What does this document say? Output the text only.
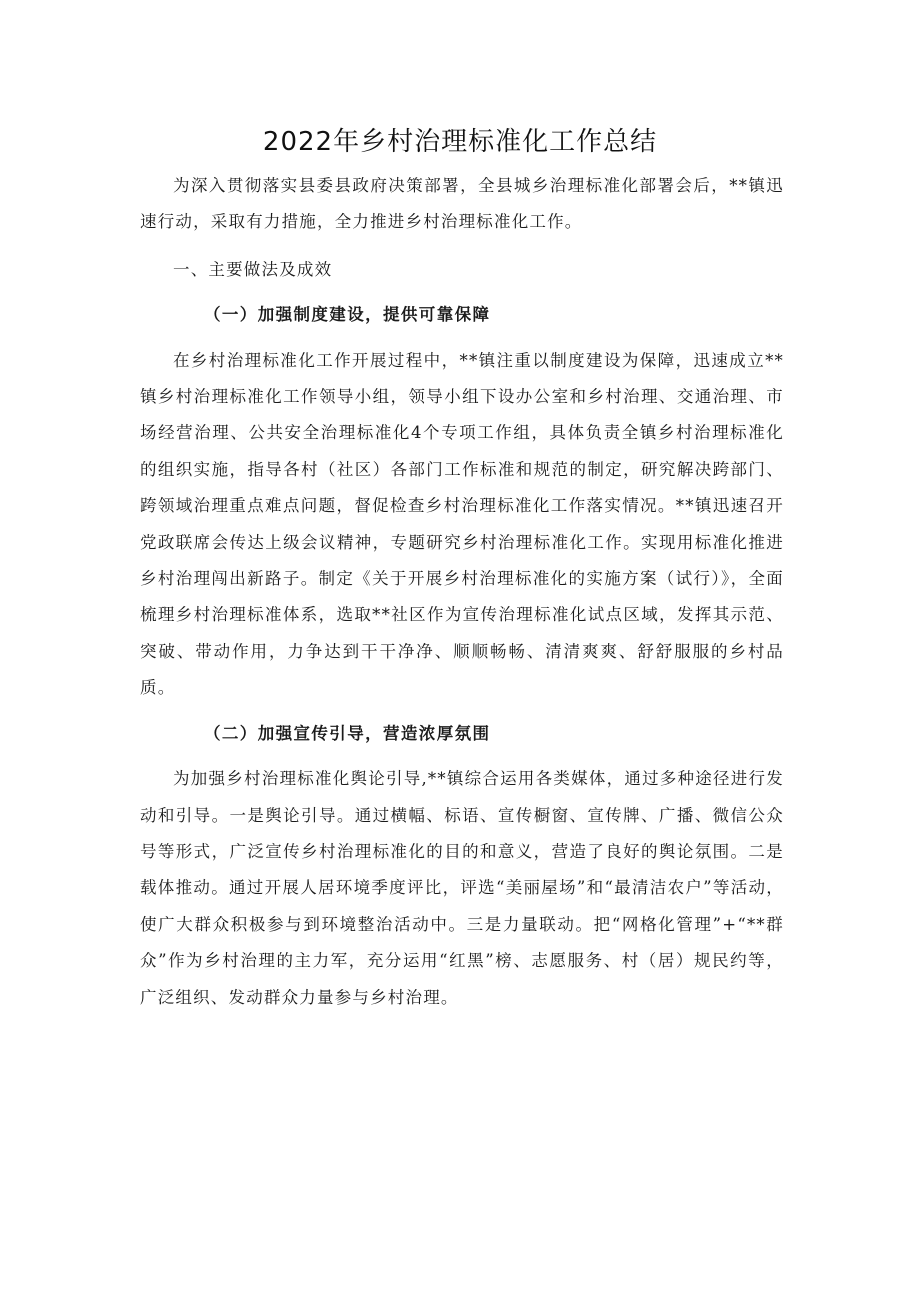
2022年乡村治理标准化工作总结

为深入贯彻落实县委县政府决策部署，全县城乡治理标准化部署会后，**镇迅速行动，采取有力措施，全力推进乡村治理标准化工作。

一、主要做法及成效

（一）加强制度建设，提供可靠保障

在乡村治理标准化工作开展过程中，**镇注重以制度建设为保障，迅速成立**镇乡村治理标准化工作领导小组，领导小组下设办公室和乡村治理、交通治理、市场经营治理、公共安全治理标准化4个专项工作组，具体负责全镇乡村治理标准化的组织实施，指导各村（社区）各部门工作标准和规范的制定，研究解决跨部门、跨领域治理重点难点问题，督促检查乡村治理标准化工作落实情况。**镇迅速召开党政联席会传达上级会议精神，专题研究乡村治理标准化工作。实现用标准化推进乡村治理闯出新路子。制定《关于开展乡村治理标准化的实施方案（试行）》，全面梳理乡村治理标准体系，选取**社区作为宣传治理标准化试点区域，发挥其示范、突破、带动作用，力争达到干干净净、顺顺畅畅、清清爽爽、舒舒服服的乡村品质。

（二）加强宣传引导，营造浓厚氛围

为加强乡村治理标准化舆论引导,**镇综合运用各类媒体，通过多种途径进行发动和引导。一是舆论引导。通过横幅、标语、宣传橱窗、宣传牌、广播、微信公众号等形式，广泛宣传乡村治理标准化的目的和意义，营造了良好的舆论氛围。二是载体推动。通过开展人居环境季度评比，评选“美丽屋场”和“最清洁农户”等活动，使广大群众积极参与到环境整治活动中。三是力量联动。把“网格化管理”+“**群众”作为乡村治理的主力军，充分运用“红黑”榜、志愿服务、村（居）规民约等，广泛组织、发动群众力量参与乡村治理。
